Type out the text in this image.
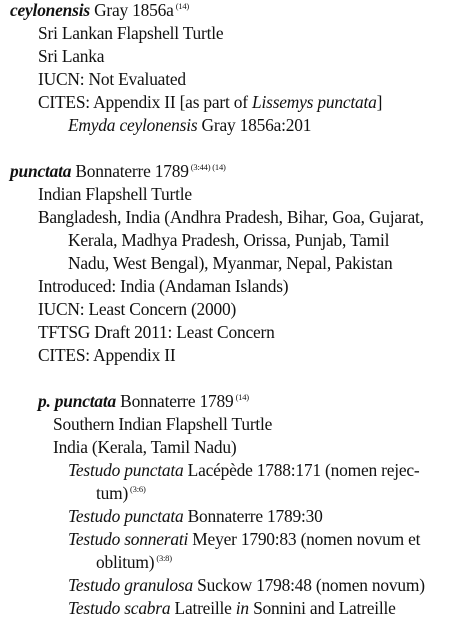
ceylonensis Gray 1856a $^{(14)}$
Sri Lankan Flapshell Turtle
Sri Lanka
IUCN: Not Evaluated
CITES: Appendix II [as part of Lissemys punctata]
Emyda ceylonensis Gray 1856a:201
punctata Bonnaterre 1789 $^{(3:44) (14)}$
Indian Flapshell Turtle
Bangladesh, India (Andhra Pradesh, Bihar, Goa, Gujarat,
Kerala, Madhya Pradesh, Orissa, Punjab, Tamil
Nadu, West Bengal), Myanmar, Nepal, Pakistan
Introduced: India (Andaman Islands)
IUCN: Least Concern (2000)
TFTSG Draft 2011: Least Concern
CITES: Appendix II
p. punctata Bonnaterre 1789 $^{(14)}$
Southern Indian Flapshell Turtle
India (Kerala, Tamil Nadu)
Testudo punctata Lacépède 1788:171 (nomen rejec-
tum) $^{(3:6)}$
Testudo punctata Bonnaterre 1789:30
Testudo sonnerati Meyer 1790:83 (nomen novum et
oblitum) $^{(3:8)}$
Testudo granulosa Suckow 1798:48 (nomen novum)
Testudo scabra Latreille in Sonnini and Latreille
